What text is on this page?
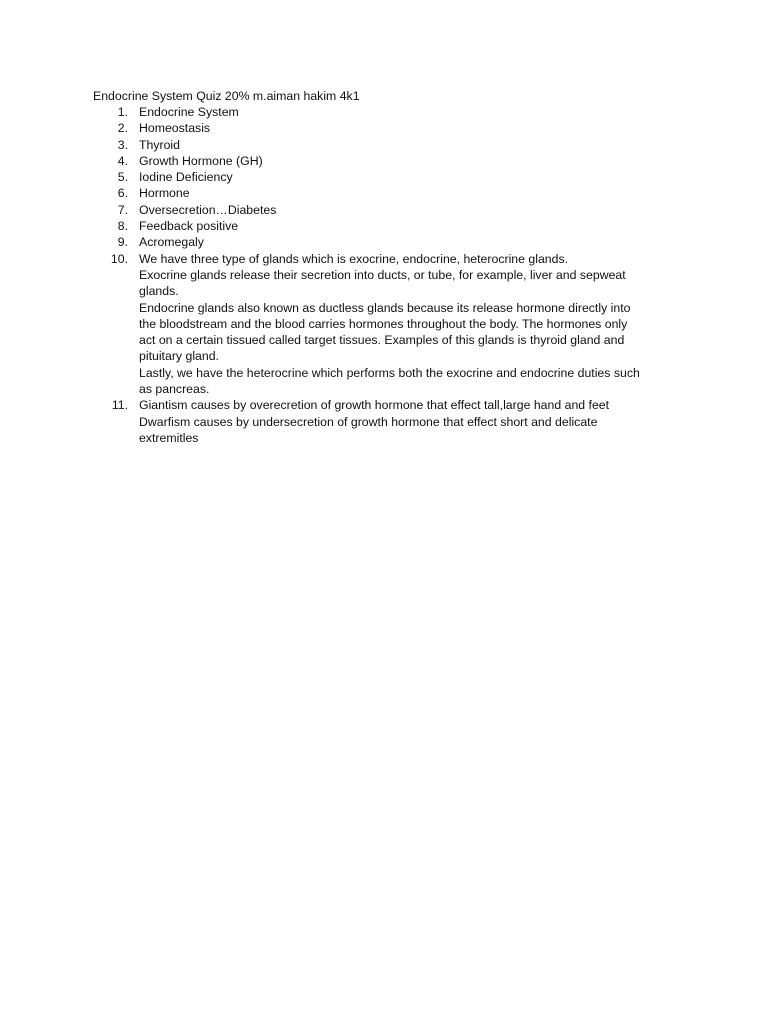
Endocrine System Quiz 20% m.aiman hakim 4k1
1. Endocrine System
2. Homeostasis
3. Thyroid
4. Growth Hormone (GH)
5. Iodine Deficiency
6. Hormone
7. Oversecretion…Diabetes
8. Feedback positive
9. Acromegaly
10. We have three type of glands which is exocrine, endocrine, heterocrine glands.
Exocrine glands release their secretion into ducts, or tube, for example, liver and sepweat
glands.
Endocrine glands also known as ductless glands because its release hormone directly into
the bloodstream and the blood carries hormones throughout the body. The hormones only
act on a certain tissued called target tissues. Examples of this glands is thyroid gland and
pituitary gland.
Lastly, we have the heterocrine which performs both the exocrine and endocrine duties such
as pancreas.
11. Giantism causes by overecretion of growth hormone that effect tall,large hand and feet
Dwarfism causes by undersecretion of growth hormone that effect short and delicate
extremitles
